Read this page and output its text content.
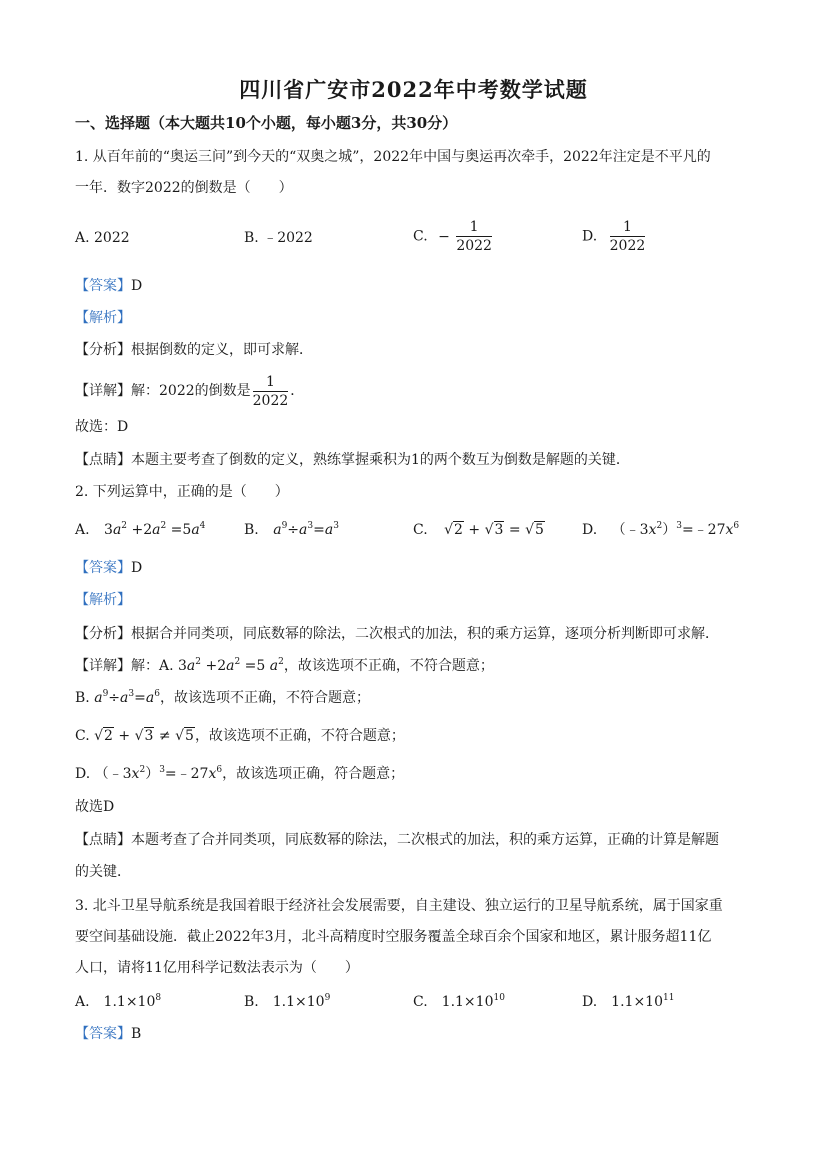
四川省广安市2022年中考数学试题
一、选择题（本大题共10个小题，每小题3分，共30分）
1. 从百年前的“奥运三问”到今天的“双奥之城”，2022年中国与奥运再次牵手，2022年注定是不平凡的
一年．数字2022的倒数是（　　）
A. 2022	B. ﹣2022	C. − $\frac{1}{2022}$	D. $\frac{1}{2022}$
【答案】D
【解析】
【分析】根据倒数的定义，即可求解．
【详解】解：2022的倒数是 $\frac{1}{2022}$ ．
故选：D
【点睛】本题主要考查了倒数的定义，熟练掌握乘积为1的两个数互为倒数是解题的关键．
2. 下列运算中，正确的是（　　）
A. $3a^2 +2a^2 =5a^4$	B. $a^9\div a^3=a^3$	C. √2 + √3 = √5	D. $(﹣3x^2)^3=﹣27x^6$
【答案】D
【解析】
【分析】根据合并同类项，同底数幂的除法，二次根式的加法，积的乘方运算，逐项分析判断即可求解．
【详解】解：A. $3a^2 +2a^2 =5$ $a^2$，故该选项不正确，不符合题意；
B. $a^9\div a^3=a^6$，故该选项不正确，不符合题意；
C. √2 + √3 ≠ √5，故该选项不正确，不符合题意；
D. $(﹣3x^2)^3=﹣27x^6$，故该选项正确，符合题意；
故选D
【点睛】本题考查了合并同类项，同底数幂的除法，二次根式的加法，积的乘方运算，正确的计算是解题
的关键．
3. 北斗卫星导航系统是我国着眼于经济社会发展需要，自主建设、独立运行的卫星导航系统，属于国家重
要空间基础设施．截止2022年3月，北斗高精度时空服务覆盖全球百余个国家和地区，累计服务超11亿
人口，请将11亿用科学记数法表示为（　　）
A.　$1.1\times 10^8$	B.　$1.1\times 10^9$	C.　$1.1\times 10^{10}$	D.　$1.1\times 10^{11}$
【答案】B
